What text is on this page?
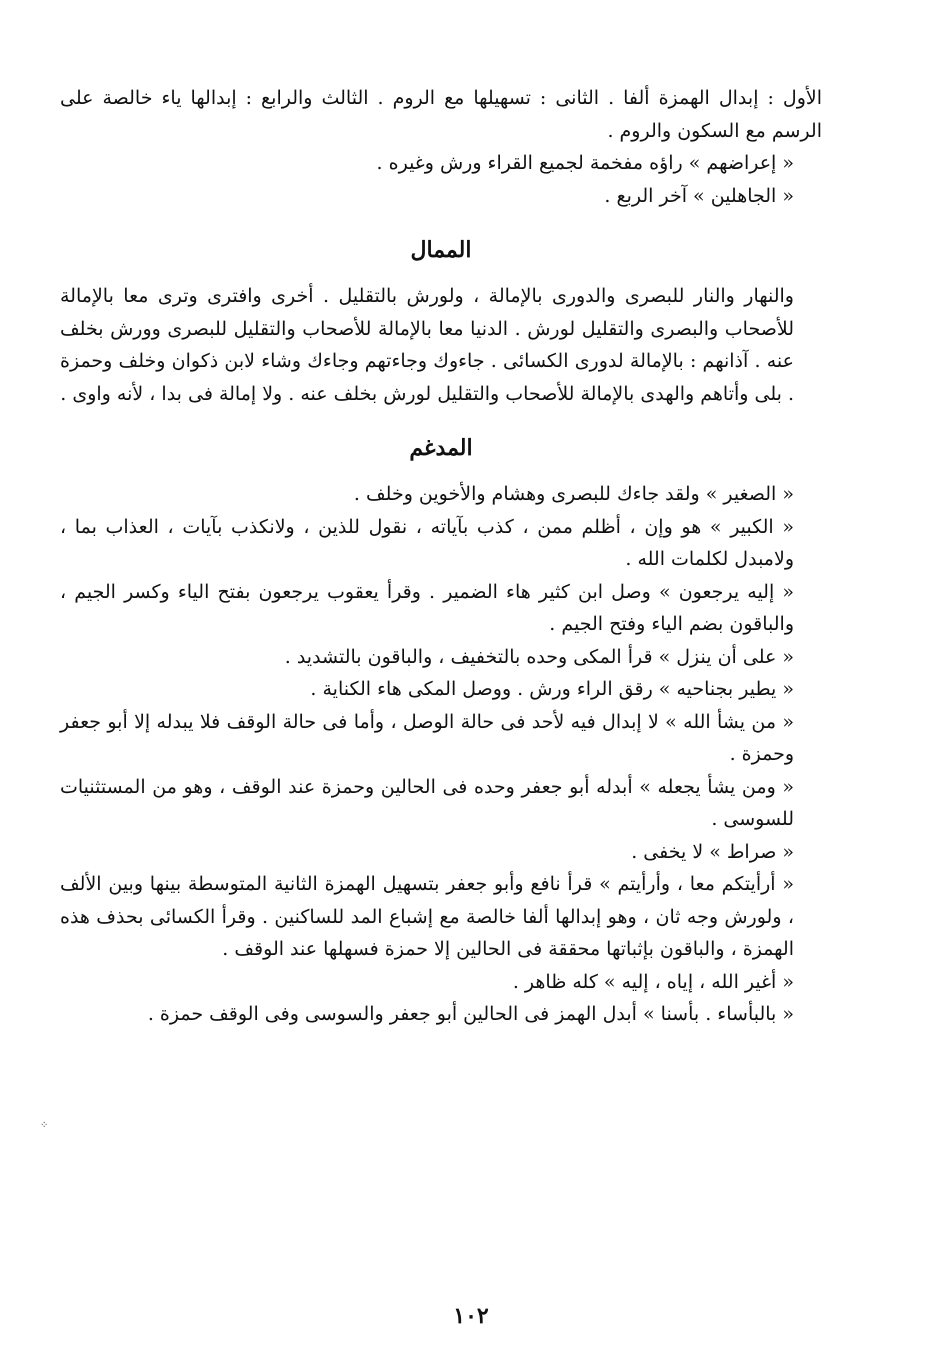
الأول : إبدال الهمزة ألفا . الثانى : تسهيلها مع الروم . الثالث والرابع : إبدالها ياء خالصة على الرسم مع السكون والروم .

« إعراضهم » راؤه مفخمة لجميع القراء ورش وغيره .

« الجاهلين » آخر الربع .

الممال

والنهار والنار للبصرى والدورى بالإمالة ، ولورش بالتقليل . أخرى وافترى وترى معا بالإمالة للأصحاب والبصرى والتقليل لورش . الدنيا معا بالإمالة للأصحاب والتقليل للبصرى وورش بخلف عنه . آذانهم : بالإمالة لدورى الكسائى . جاءوك وجاءتهم وجاءك وشاء لابن ذكوان وخلف وحمزة . بلى وأتاهم والهدى بالإمالة للأصحاب والتقليل لورش بخلف عنه . ولا إمالة فى بدا ، لأنه واوى .

المدغم

« الصغير » ولقد جاءك للبصرى وهشام والأخوين وخلف .

« الكبير » هو وإن ، أظلم ممن ، كذب بآياته ، نقول للذين ، ولانكذب بآيات ، العذاب بما ، ولامبدل لكلمات الله .

« إليه يرجعون » وصل ابن كثير هاء الضمير . وقرأ يعقوب يرجعون بفتح الياء وكسر الجيم ، والباقون بضم الياء وفتح الجيم .

« على أن ينزل » قرأ المكى وحده بالتخفيف ، والباقون بالتشديد .

« يطير بجناحيه » رقق الراء ورش . ووصل المكى هاء الكناية .

« من يشأ الله » لا إبدال فيه لأحد فى حالة الوصل ، وأما فى حالة الوقف فلا يبدله إلا أبو جعفر وحمزة .

« ومن يشأ يجعله » أبدله أبو جعفر وحده فى الحالين وحمزة عند الوقف ، وهو من المستثنيات للسوسى .

« صراط » لا يخفى .

« أرأيتكم معا ، وأرأيتم » قرأ نافع وأبو جعفر بتسهيل الهمزة الثانية المتوسطة بينها وبين الألف ، ولورش وجه ثان ، وهو إبدالها ألفا خالصة مع إشباع المد للساكنين . وقرأ الكسائى بحذف هذه الهمزة ، والباقون بإثباتها محققة فى الحالين إلا حمزة فسهلها عند الوقف .

« أغير الله ، إياه ، إليه » كله ظاهر .

« بالبأساء . بأسنا » أبدل الهمز فى الحالين أبو جعفر والسوسى وفى الوقف حمزة .

⁘
١٠٢
